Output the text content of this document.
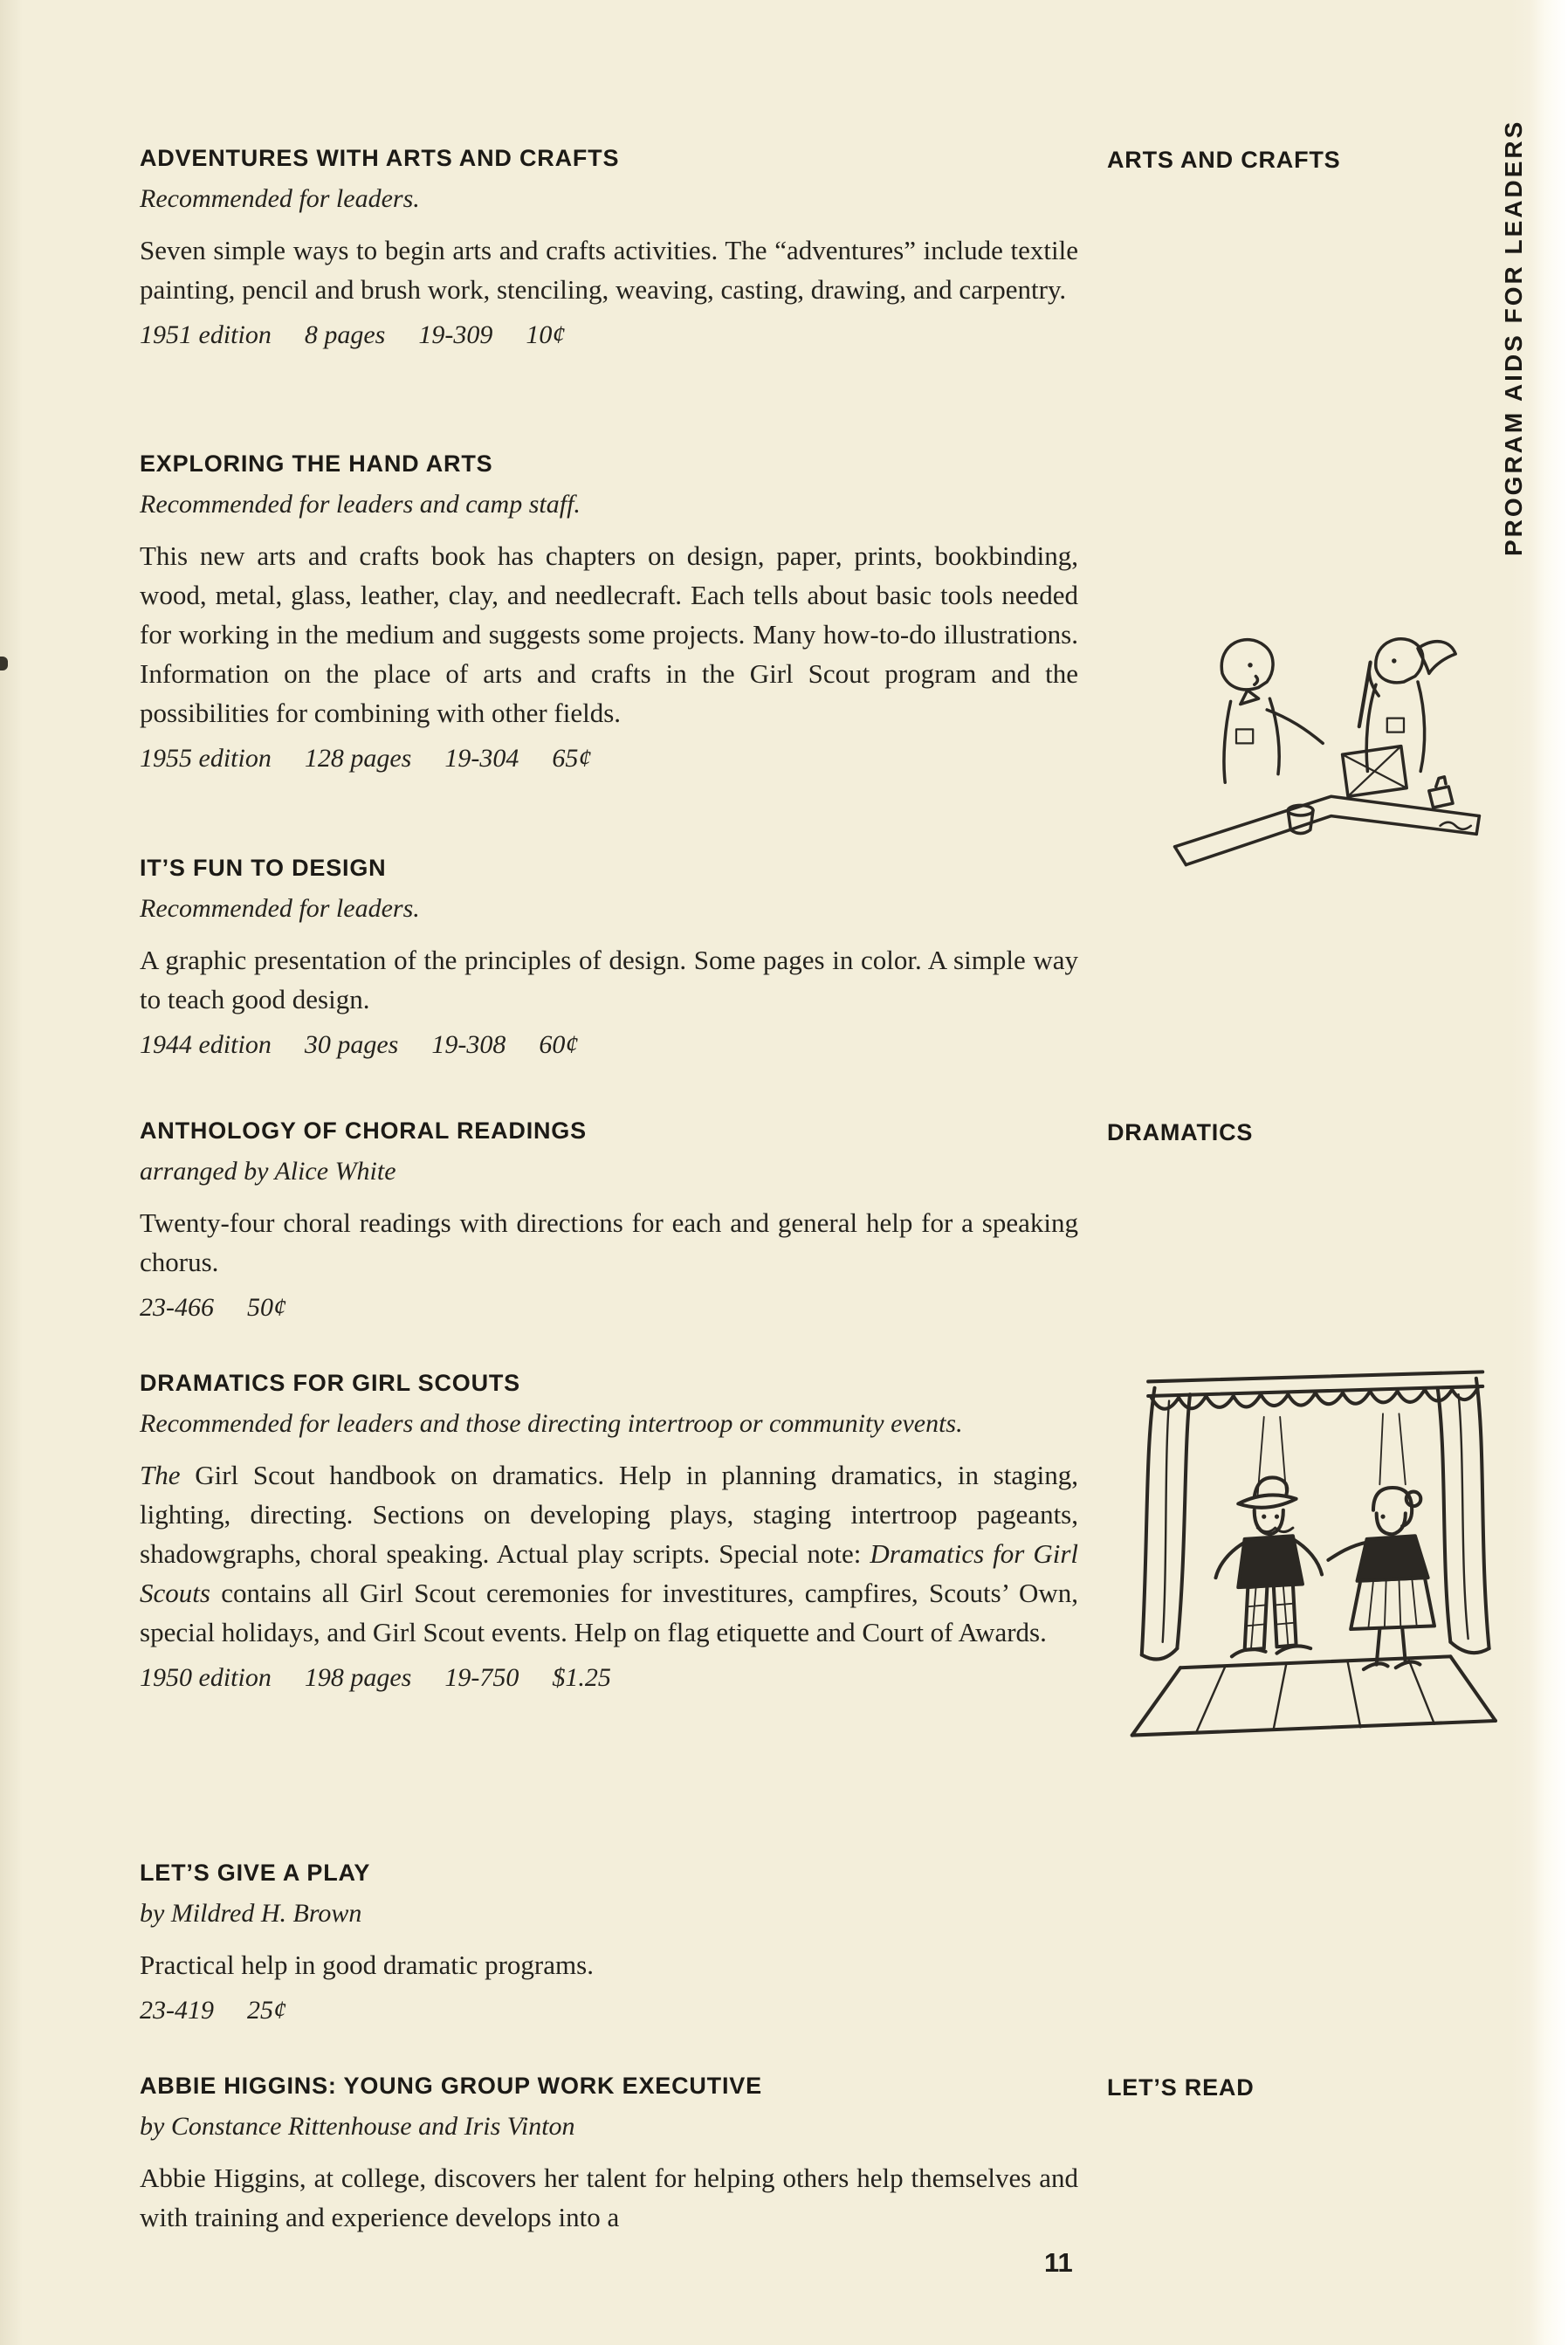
ADVENTURES WITH ARTS AND CRAFTS

Recommended for leaders.

Seven simple ways to begin arts and crafts activities. The “adventures” include textile painting, pencil and brush work, stenciling, weaving, casting, drawing, and carpentry.

1951 edition 8 pages 19-309 10¢

EXPLORING THE HAND ARTS

Recommended for leaders and camp staff.

This new arts and crafts book has chapters on design, paper, prints, bookbinding, wood, metal, glass, leather, clay, and needlecraft. Each tells about basic tools needed for working in the medium and suggests some projects. Many how-to-do illustrations. Information on the place of arts and crafts in the Girl Scout program and the possibilities for combining with other fields.

1955 edition 128 pages 19-304 65¢

IT’S FUN TO DESIGN

Recommended for leaders.

A graphic presentation of the principles of design. Some pages in color. A simple way to teach good design.

1944 edition 30 pages 19-308 60¢

ANTHOLOGY OF CHORAL READINGS

arranged by Alice White

Twenty-four choral readings with directions for each and general help for a speaking chorus.

23-466 50¢

DRAMATICS FOR GIRL SCOUTS

Recommended for leaders and those directing intertroop or community events.

The Girl Scout handbook on dramatics. Help in planning dramatics, in staging, lighting, directing. Sections on developing plays, staging intertroop pageants, shadowgraphs, choral speaking. Actual play scripts. Special note: Dramatics for Girl Scouts contains all Girl Scout ceremonies for investitures, campfires, Scouts’ Own, special holidays, and Girl Scout events. Help on flag etiquette and Court of Awards.

1950 edition 198 pages 19-750 $1.25

LET’S GIVE A PLAY

by Mildred H. Brown

Practical help in good dramatic programs.

23-419 25¢

ABBIE HIGGINS: YOUNG GROUP WORK EXECUTIVE

by Constance Rittenhouse and Iris Vinton

Abbie Higgins, at college, discovers her talent for helping others help themselves and with training and experience develops into a

ARTS AND CRAFTS
DRAMATICS
LET’S READ
PROGRAM AIDS FOR LEADERS
11
